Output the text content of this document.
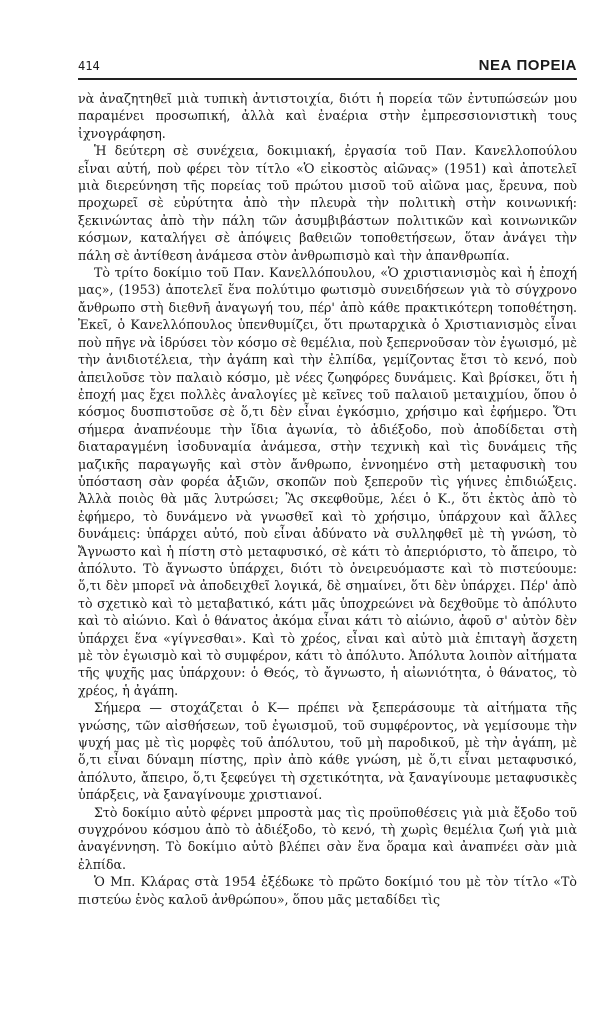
414	ΝΕΑ ΠΟΡΕΙΑ

νὰ ἀναζητηθεῖ μιὰ τυπικὴ ἀντιστοιχία, διότι ἡ πορεία τῶν ἐντυπώσεών μου παραμένει προσωπική, ἀλλὰ καὶ ἐναέρια στὴν ἐμπρεσσιονιστικὴ τους ἰχνογράφηση.

Ἡ δεύτερη σὲ συνέχεια, δοκιμιακή, ἐργασία τοῦ Παν. Κανελλοπούλου εἶναι αὐτή, ποὺ φέρει τὸν τίτλο «Ὁ εἰκοστὸς αἰῶνας» (1951) καὶ ἀποτελεῖ μιὰ διερεύνηση τῆς πορείας τοῦ πρώτου μισοῦ τοῦ αἰῶνα μας, ἔρευνα, ποὺ προχωρεῖ σὲ εὐρύτητα ἀπὸ τὴν πλευρὰ τὴν πολιτικὴ στὴν κοινωνική: ξεκινώντας ἀπὸ τὴν πάλη τῶν ἀσυμβιβάστων πολιτικῶν καὶ κοινωνικῶν κόσμων, καταλήγει σὲ ἀπόψεις βαθειῶν τοποθετήσεων, ὅταν ἀνάγει τὴν πάλη σὲ ἀντίθεση ἀνάμεσα στὸν ἀνθρωπισμὸ καὶ τὴν ἀπανθρωπία.

Τὸ τρίτο δοκίμιο τοῦ Παν. Κανελλόπουλου, «Ὁ χριστιανισμὸς καὶ ἡ ἐποχή μας», (1953) ἀποτελεῖ ἕνα πολύτιμο φωτισμὸ συνειδήσεων γιὰ τὸ σύγχρονο ἄνθρωπο στὴ διεθνῆ ἀναγωγή του, πέρ' ἀπὸ κάθε πρακτικότερη τοποθέτηση. Ἐκεῖ, ὁ Κανελλόπουλος ὑπενθυμίζει, ὅτι πρωταρχικὰ ὁ Χριστιανισμὸς εἶναι ποὺ πῆγε νὰ ἱδρύσει τὸν κόσμο σὲ θεμέλια, ποὺ ξεπερνοῦσαν τὸν ἐγωισμό, μὲ τὴν ἀνιδιοτέλεια, τὴν ἀγάπη καὶ τὴν ἐλπίδα, γεμίζοντας ἔτσι τὸ κενό, ποὺ ἀπειλοῦσε τὸν παλαιὸ κόσμο, μὲ νέες ζωηφόρες δυνάμεις. Καὶ βρίσκει, ὅτι ἡ ἐποχή μας ἔχει πολλὲς ἀναλογίες μὲ κεῖνες τοῦ παλαιοῦ μεταιχμίου, ὅπου ὁ κόσμος δυσπιστοῦσε σὲ ὅ,τι δὲν εἶναι ἐγκόσμιο, χρήσιμο καὶ ἐφήμερο. Ὅτι σήμερα ἀναπνέουμε τὴν ἴδια ἀγωνία, τὸ ἀδιέξοδο, ποὺ ἀποδίδεται στὴ διαταραγμένη ἰσοδυναμία ἀνάμεσα, στὴν τεχνικὴ καὶ τὶς δυνάμεις τῆς μαζικῆς παραγωγῆς καὶ στὸν ἄνθρωπο, ἐννοημένο στὴ μεταφυσικὴ του ὑπόσταση σὰν φορέα ἀξιῶν, σκοπῶν ποὺ ξεπεροῦν τὶς γήινες ἐπιδιώξεις. Ἀλλὰ ποιὸς θὰ μᾶς λυτρώσει; Ἂς σκεφθοῦμε, λέει ὁ Κ., ὅτι ἐκτὸς ἀπὸ τὸ ἐφήμερο, τὸ δυνάμενο νὰ γνωσθεῖ καὶ τὸ χρήσιμο, ὑπάρχουν καὶ ἄλλες δυνάμεις: ὑπάρχει αὐτό, ποὺ εἶναι ἀδύνατο νὰ συλληφθεῖ μὲ τὴ γνώση, τὸ Ἄγνωστο καὶ ἡ πίστη στὸ μεταφυσικό, σὲ κάτι τὸ ἀπεριόριστο, τὸ ἄπειρο, τὸ ἀπόλυτο. Τὸ ἄγνωστο ὑπάρχει, διότι τὸ ὀνειρευόμαστε καὶ τὸ πιστεύουμε: ὅ,τι δὲν μπορεῖ νὰ ἀποδειχθεῖ λογικά, δὲ σημαίνει, ὅτι δὲν ὑπάρχει. Πέρ' ἀπὸ τὸ σχετικὸ καὶ τὸ μεταβατικό, κάτι μᾶς ὑποχρεώνει νὰ δεχθοῦμε τὸ ἀπόλυτο καὶ τὸ αἰώνιο. Καὶ ὁ θάνατος ἀκόμα εἶναι κάτι τὸ αἰώνιο, ἀφοῦ σ' αὐτὸν δὲν ὑπάρχει ἕνα «γίγνεσθαι». Καὶ τὸ χρέος, εἶναι καὶ αὐτὸ μιὰ ἐπιταγὴ ἄσχετη μὲ τὸν ἐγωισμὸ καὶ τὸ συμφέρον, κάτι τὸ ἀπόλυτο. Ἀπόλυτα λοιπὸν αἰτήματα τῆς ψυχῆς μας ὑπάρχουν: ὁ Θεός, τὸ ἄγνωστο, ἡ αἰωνιότητα, ὁ θάνατος, τὸ χρέος, ἡ ἀγάπη.

Σήμερα — στοχάζεται ὁ Κ— πρέπει νὰ ξεπεράσουμε τὰ αἰτήματα τῆς γνώσης, τῶν αἰσθήσεων, τοῦ ἐγωισμοῦ, τοῦ συμφέροντος, νὰ γεμίσουμε τὴν ψυχή μας μὲ τὶς μορφὲς τοῦ ἀπόλυτου, τοῦ μὴ παροδικοῦ, μὲ τὴν ἀγάπη, μὲ ὅ,τι εἶναι δύναμη πίστης, πρὶν ἀπὸ κάθε γνώση, μὲ ὅ,τι εἶναι μεταφυσικό, ἀπόλυτο, ἄπειρο, ὅ,τι ξεφεύγει τὴ σχετικότητα, νὰ ξαναγίνουμε μεταφυσικὲς ὑπάρξεις, νὰ ξαναγίνουμε χριστιανοί.

Στὸ δοκίμιο αὐτὸ φέρνει μπροστὰ μας τὶς προϋποθέσεις γιὰ μιὰ ἔξοδο τοῦ συγχρόνου κόσμου ἀπὸ τὸ ἀδιέξοδο, τὸ κενό, τὴ χωρὶς θεμέλια ζωή γιὰ μιὰ ἀναγέννηση. Τὸ δοκίμιο αὐτὸ βλέπει σὰν ἕνα ὅραμα καὶ ἀναπνέει σὰν μιὰ ἐλπίδα.

Ὁ Μπ. Κλάρας στὰ 1954 ἐξέδωκε τὸ πρῶτο δοκίμιό του μὲ τὸν τίτλο «Τὸ πιστεύω ἑνὸς καλοῦ ἀνθρώπου», ὅπου μᾶς μεταδίδει τὶς
